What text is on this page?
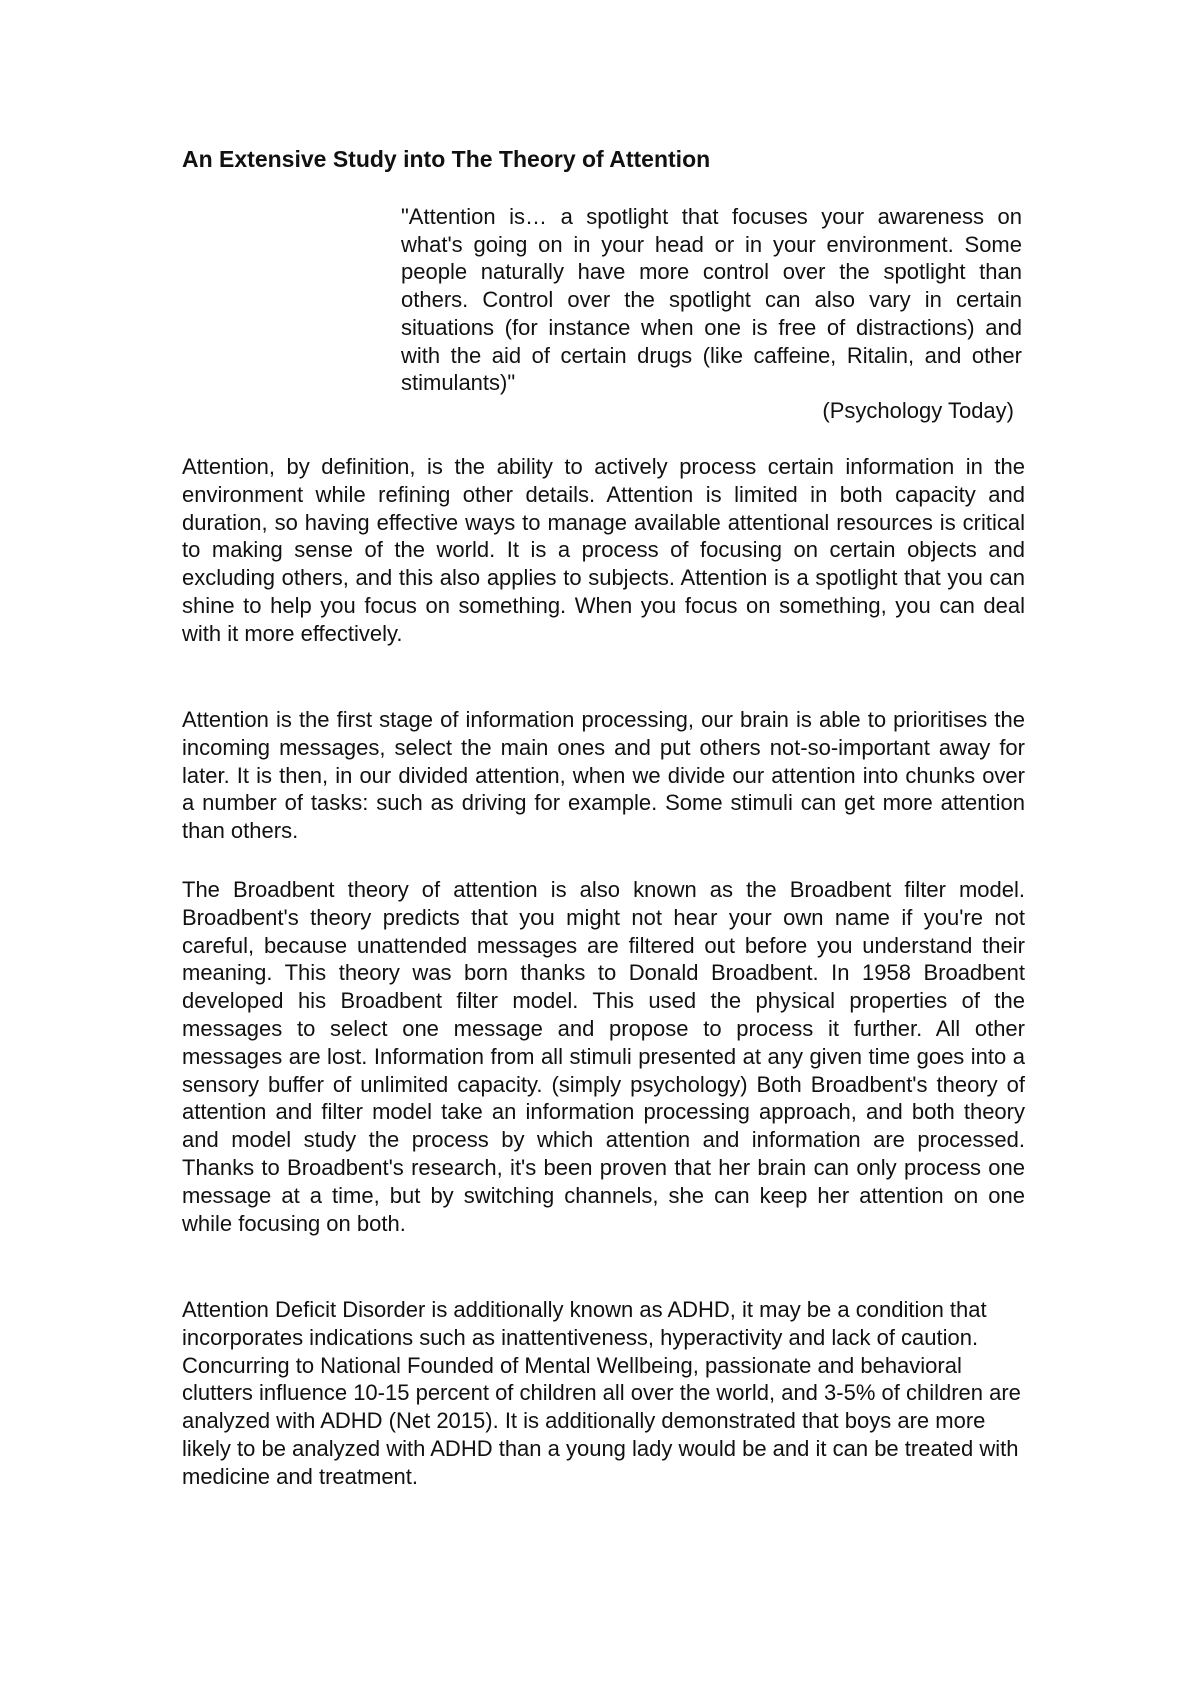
An Extensive Study into The Theory of Attention

"Attention is… a spotlight that focuses your awareness on what's going on in your head or in your environment. Some people naturally have more control over the spotlight than others. Control over the spotlight can also vary in certain situations (for instance when one is free of distractions) and with the aid of certain drugs (like caffeine, Ritalin, and other stimulants)"

(Psychology Today)

Attention, by definition, is the ability to actively process certain information in the environment while refining other details. Attention is limited in both capacity and duration, so having effective ways to manage available attentional resources is critical to making sense of the world. It is a process of focusing on certain objects and excluding others, and this also applies to subjects. Attention is a spotlight that you can shine to help you focus on something. When you focus on something, you can deal with it more effectively.

Attention is the first stage of information processing, our brain is able to prioritises the incoming messages, select the main ones and put others not-so-important away for later. It is then, in our divided attention, when we divide our attention into chunks over a number of tasks: such as driving for example. Some stimuli can get more attention than others.

The Broadbent theory of attention is also known as the Broadbent filter model. Broadbent's theory predicts that you might not hear your own name if you're not careful, because unattended messages are filtered out before you understand their meaning. This theory was born thanks to Donald Broadbent. In 1958 Broadbent developed his Broadbent filter model. This used the physical properties of the messages to select one message and propose to process it further. All other messages are lost. Information from all stimuli presented at any given time goes into a sensory buffer of unlimited capacity. (simply psychology) Both Broadbent's theory of attention and filter model take an information processing approach, and both theory and model study the process by which attention and information are processed. Thanks to Broadbent's research, it's been proven that her brain can only process one message at a time, but by switching channels, she can keep her attention on one while focusing on both.

Attention Deficit Disorder is additionally known as ADHD, it may be a condition that incorporates indications such as inattentiveness, hyperactivity and lack of caution. Concurring to National Founded of Mental Wellbeing, passionate and behavioral clutters influence 10-15 percent of children all over the world, and 3-5% of children are analyzed with ADHD (Net 2015). It is additionally demonstrated that boys are more likely to be analyzed with ADHD than a young lady would be and it can be treated with medicine and treatment.
